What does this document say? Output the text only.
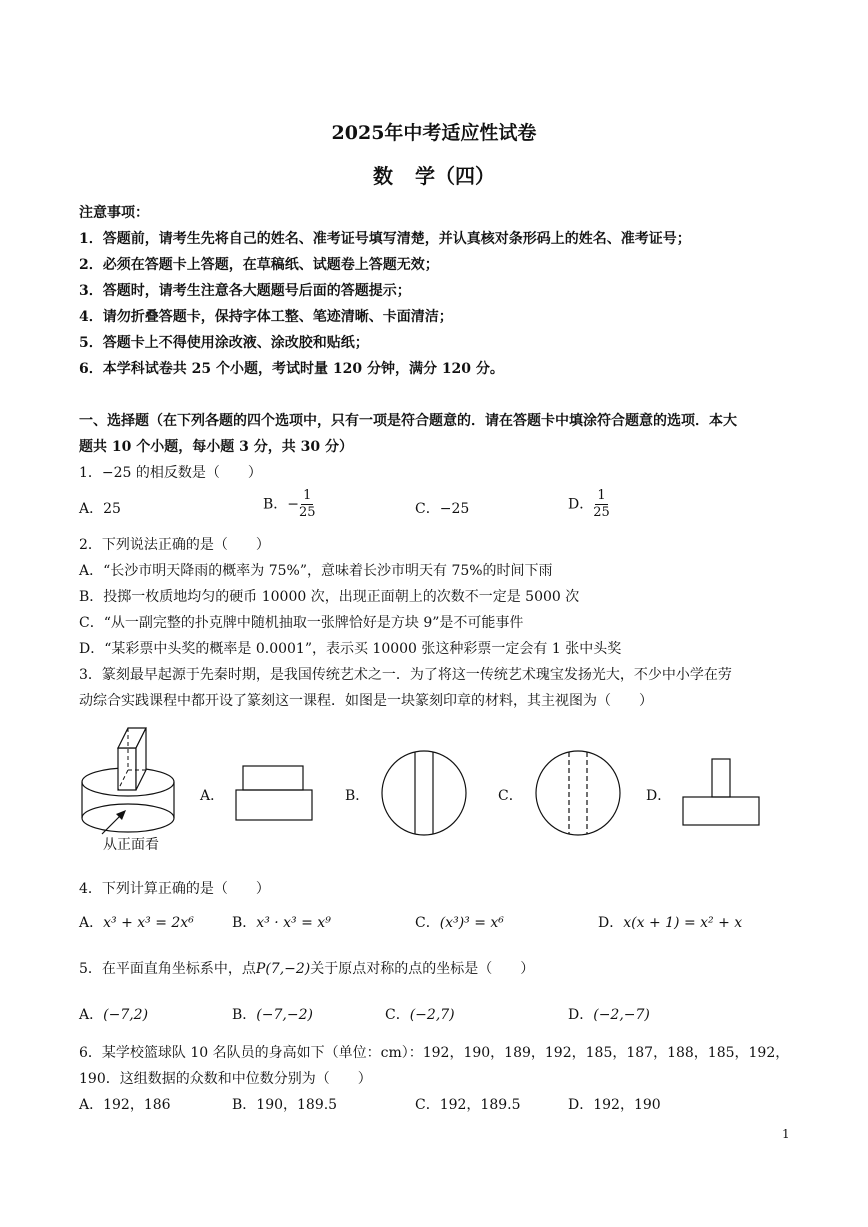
2025年中考适应性试卷
数 学（四）
注意事项：
1．答题前，请考生先将自己的姓名、准考证号填写清楚，并认真核对条形码上的姓名、准考证号；
2．必须在答题卡上答题，在草稿纸、试题卷上答题无效；
3．答题时，请考生注意各大题题号后面的答题提示；
4．请勿折叠答题卡，保持字体工整、笔迹清晰、卡面清洁；
5．答题卡上不得使用涂改液、涂改胶和贴纸；
6．本学科试卷共 25 个小题，考试时量 120 分钟，满分 120 分。
一、选择题（在下列各题的四个选项中，只有一项是符合题意的．请在答题卡中填涂符合题意的选项．本大
题共 10 个小题，每小题 3 分，共 30 分）
1．−25 的相反数是（　　）
A．25	B．− $\frac{1}{25}$	C．−25	D． $\frac{1}{25}$
2．下列说法正确的是（　　）
A．“长沙市明天降雨的概率为 75%”，意味着长沙市明天有 75%的时间下雨
B．投掷一枚质地均匀的硬币 10000 次，出现正面朝上的次数不一定是 5000 次
C．“从一副完整的扑克牌中随机抽取一张牌恰好是方块 9”是不可能事件
D．“某彩票中头奖的概率是 0.0001”，表示买 10000 张这种彩票一定会有 1 张中头奖
3．篆刻最早起源于先秦时期，是我国传统艺术之一．为了将这一传统艺术瑰宝发扬光大，不少中小学在劳
动综合实践课程中都开设了篆刻这一课程．如图是一块篆刻印章的材料，其主视图为（　　）
从正面看
A．	B．	C．	D．
4．下列计算正确的是（　　）
A．x³ + x³ = 2x⁶	B．x³ · x³ = x⁹	C．(x³)³ = x⁶	D．x(x + 1) = x² + x
5．在平面直角坐标系中，点P(7,−2)关于原点对称的点的坐标是（　　）
A．(−7,2)	B．(−7,−2)	C．(−2,7)	D．(−2,−7)
6．某学校篮球队 10 名队员的身高如下（单位：cm）：192，190，189，192，185，187，188，185，192，
190．这组数据的众数和中位数分别为（　　）
A．192，186	B．190，189.5	C．192，189.5	D．192，190
1
